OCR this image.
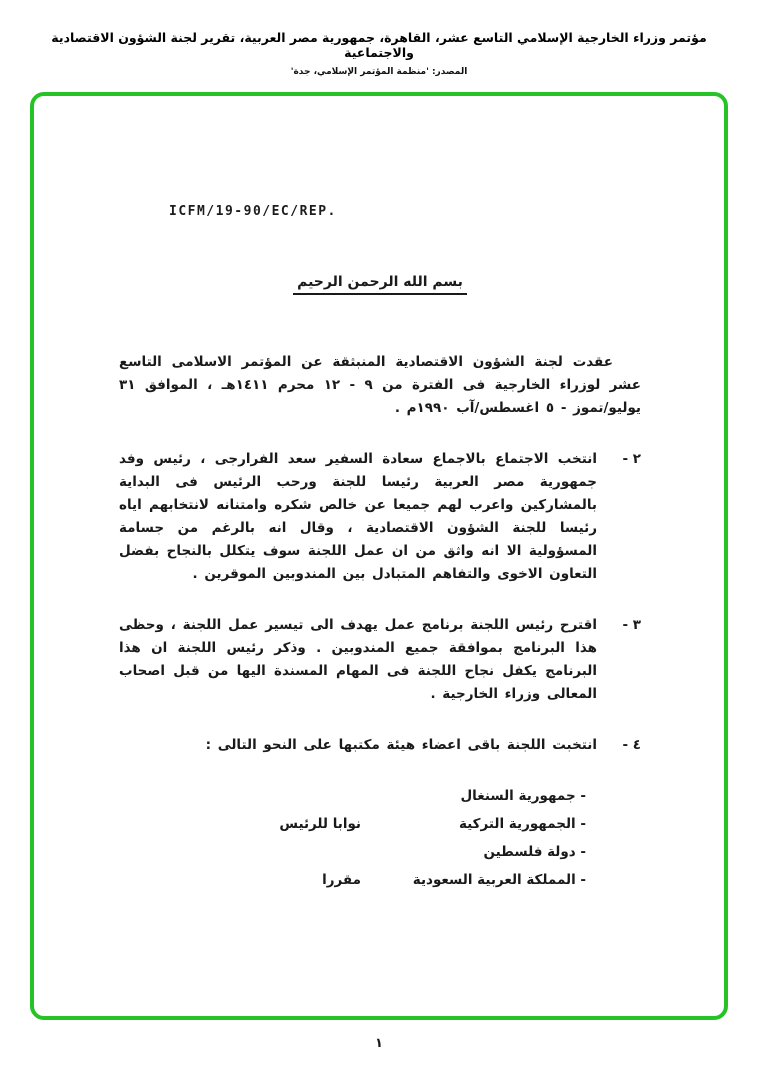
مؤتمر وزراء الخارجية الإسلامي التاسع عشر، القاهرة، جمهورية مصر العربية، تقرير لجنة الشؤون الاقتصادية والاجتماعية
المصدر: 'منظمة المؤتمر الإسلامي، جدة'
ICFM/19-90/EC/REP.
بسم الله الرحمن الرحيم

عقدت لجنة الشؤون الاقتصادية المنبثقة عن المؤتمر الاسلامى التاسع عشر لوزراء الخارجية فى الفترة من ٩ - ١٢ محرم ١٤١١هـ ، الموافق ٣١ يوليو/تموز - ٥ اغسطس/آب ١٩٩٠م .

٢ -

انتخب الاجتماع بالاجماع سعادة السفير سعد الفرارجى ، رئيس وفد جمهورية مصر العربية رئيسا للجنة ورحب الرئيس فى البداية بالمشاركين واعرب لهم جميعا عن خالص شكره وامتنانه لانتخابهم اياه رئيسا للجنة الشؤون الاقتصادية ، وقال انه بالرغم من جسامة المسؤولية الا انه واثق من ان عمل اللجنة سوف يتكلل بالنجاح بفضل التعاون الاخوى والتفاهم المتبادل بين المندوبين الموقرين .

٣ -

اقترح رئيس اللجنة برنامج عمل يهدف الى تيسير عمل اللجنة ، وحظى هذا البرنامج بموافقة جميع المندوبين . وذكر رئيس اللجنة ان هذا البرنامج يكفل نجاح اللجنة فى المهام المسندة اليها من قبل اصحاب المعالى وزراء الخارجية .

٤ -

انتخبت اللجنة باقى اعضاء هيئة مكتبها على النحو التالى :

- جمهورية السنغال
- الجمهورية التركية
نوابا للرئيس
- دولة فلسطين
- المملكة العربية السعودية
مقررا
١
